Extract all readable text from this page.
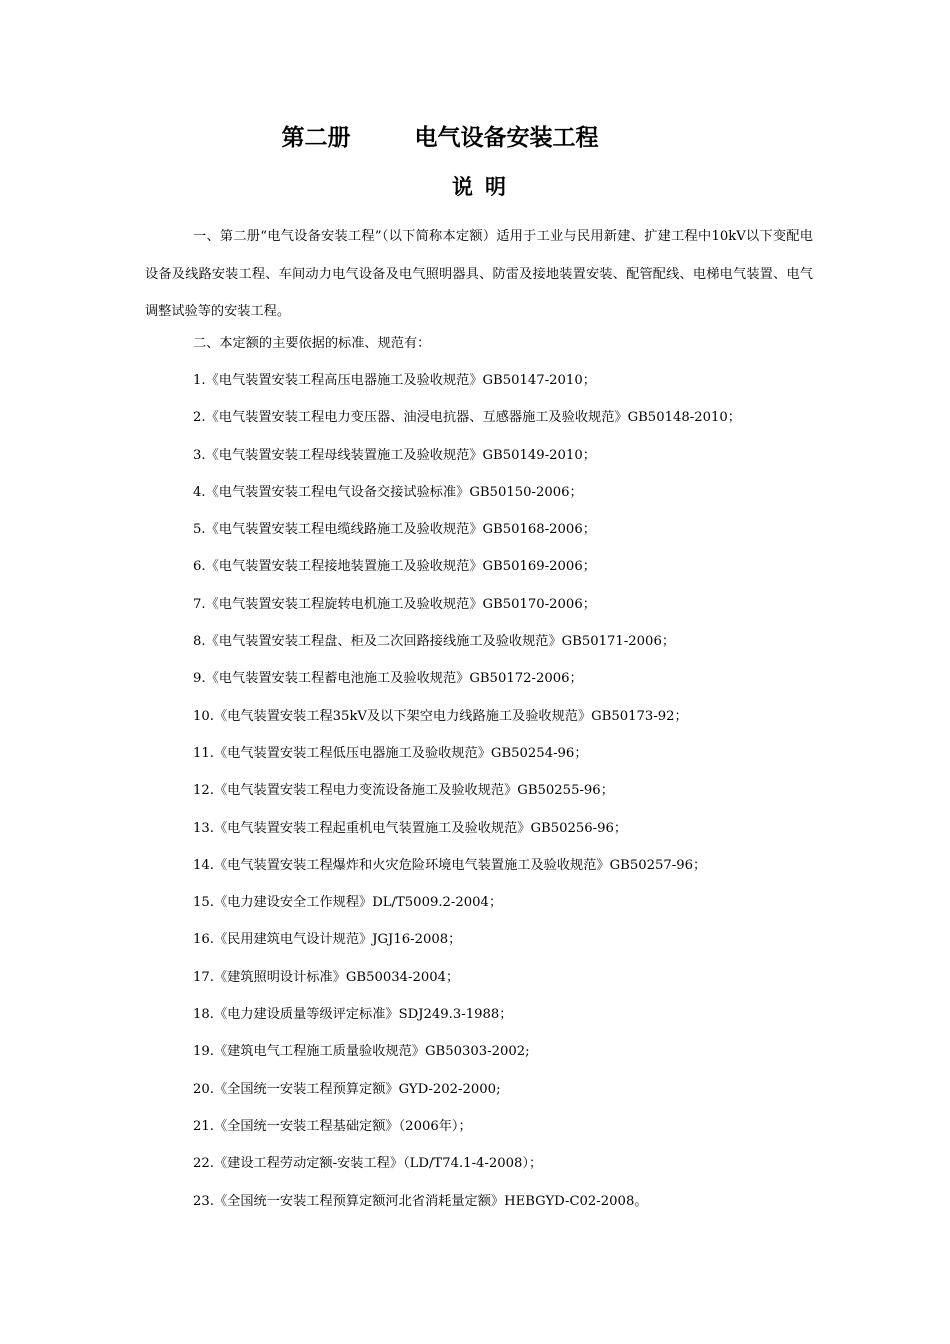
第二册        电气设备安装工程
说明

一、第二册“电气设备安装工程”（以下简称本定额）适用于工业与民用新建、扩建工程中10kV以下变配电设备及线路安装工程、车间动力电气设备及电气照明器具、防雷及接地装置安装、配管配线、电梯电气装置、电气调整试验等的安装工程。

二、本定额的主要依据的标准、规范有：

1.《电气装置安装工程高压电器施工及验收规范》GB50147-2010；
2.《电气装置安装工程电力变压器、油浸电抗器、互感器施工及验收规范》GB50148-2010；
3.《电气装置安装工程母线装置施工及验收规范》GB50149-2010；
4.《电气装置安装工程电气设备交接试验标准》GB50150-2006；
5.《电气装置安装工程电缆线路施工及验收规范》GB50168-2006；
6.《电气装置安装工程接地装置施工及验收规范》GB50169-2006；
7.《电气装置安装工程旋转电机施工及验收规范》GB50170-2006；
8.《电气装置安装工程盘、柜及二次回路接线施工及验收规范》GB50171-2006；
9.《电气装置安装工程蓄电池施工及验收规范》GB50172-2006；
10.《电气装置安装工程35kV及以下架空电力线路施工及验收规范》GB50173-92；
11.《电气装置安装工程低压电器施工及验收规范》GB50254-96；
12.《电气装置安装工程电力变流设备施工及验收规范》GB50255-96；
13.《电气装置安装工程起重机电气装置施工及验收规范》GB50256-96；
14.《电气装置安装工程爆炸和火灾危险环境电气装置施工及验收规范》GB50257-96；
15.《电力建设安全工作规程》DL/T5009.2-2004；
16.《民用建筑电气设计规范》JGJ16-2008；
17.《建筑照明设计标准》GB50034-2004；
18.《电力建设质量等级评定标准》SDJ249.3-1988；
19.《建筑电气工程施工质量验收规范》GB50303-2002;
20.《全国统一安装工程预算定额》GYD-202-2000;
21.《全国统一安装工程基础定额》（2006年）；
22.《建设工程劳动定额-安装工程》（LD/T74.1-4-2008）；
23.《全国统一安装工程预算定额河北省消耗量定额》HEBGYD-C02-2008。
